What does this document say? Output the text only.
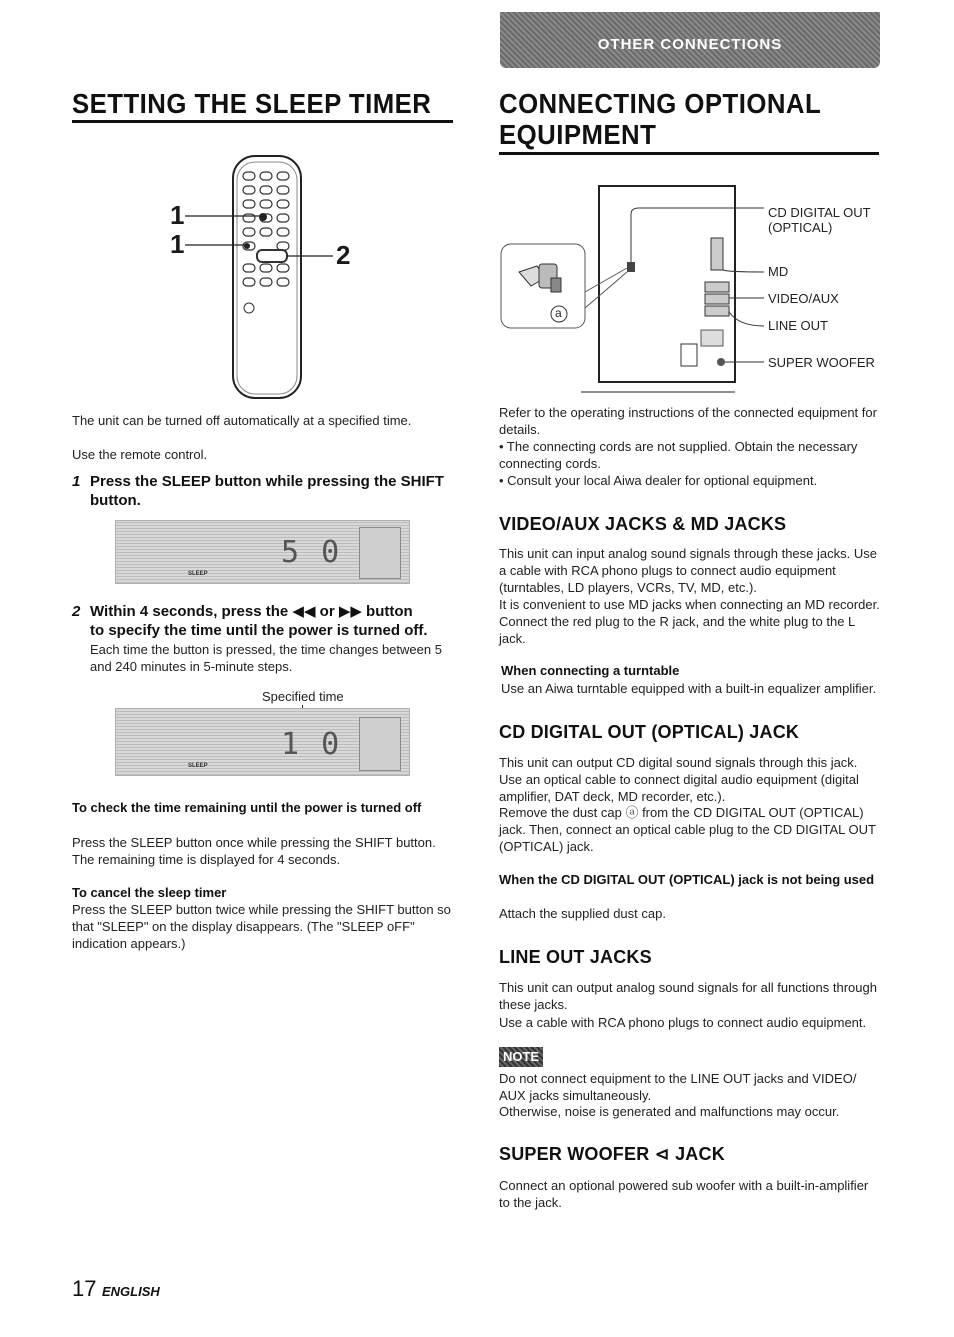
OTHER CONNECTIONS
SETTING THE SLEEP TIMER
1
1	2
The unit can be turned off automatically at a specified time.
Use the remote control.
1 Press the SLEEP button while pressing the SHIFT
button.
SLEEP
5 0
2 Within 4 seconds, press the ◀◀ or ▶▶ button
to specify the time until the power is turned off.
Each time the button is pressed, the time changes between 5 and 240 minutes in 5-minute steps.
Specified time
SLEEP
1 0
To check the time remaining until the power is turned off
Press the SLEEP button once while pressing the SHIFT button. The remaining time is displayed for 4 seconds.
To cancel the sleep timer
Press the SLEEP button twice while pressing the SHIFT button so that "SLEEP" on the display disappears. (The "SLEEP oFF" indication appears.)
CONNECTING OPTIONAL
EQUIPMENT
a
CD DIGITAL OUT
(OPTICAL)
MD
VIDEO/AUX
LINE OUT
SUPER WOOFER
Refer to the operating instructions of the connected equipment for details.
• The connecting cords are not supplied. Obtain the necessary connecting cords.
• Consult your local Aiwa dealer for optional equipment.
VIDEO/AUX JACKS & MD JACKS
This unit can input analog sound signals through these jacks. Use a cable with RCA phono plugs to connect audio equipment (turntables, LD players, VCRs, TV, MD, etc.).
It is convenient to use MD jacks when connecting an MD recorder. Connect the red plug to the R jack, and the white plug to the L jack.
When connecting a turntable
Use an Aiwa turntable equipped with a built-in equalizer amplifier.
CD DIGITAL OUT (OPTICAL) JACK
This unit can output CD digital sound signals through this jack. Use an optical cable to connect digital audio equipment (digital amplifier, DAT deck, MD recorder, etc.).
Remove the dust cap ⓐ from the CD DIGITAL OUT (OPTICAL) jack. Then, connect an optical cable plug to the CD DIGITAL OUT (OPTICAL) jack.
When the CD DIGITAL OUT (OPTICAL) jack is not being used
Attach the supplied dust cap.
LINE OUT JACKS
This unit can output analog sound signals for all functions through these jacks.
Use a cable with RCA phono plugs to connect audio equipment.
NOTE
Do not connect equipment to the LINE OUT jacks and VIDEO/ AUX jacks simultaneously.
Otherwise, noise is generated and malfunctions may occur.
SUPER WOOFER ⊲ JACK
Connect an optional powered sub woofer with a built-in-amplifier to the jack.
17 ENGLISH
